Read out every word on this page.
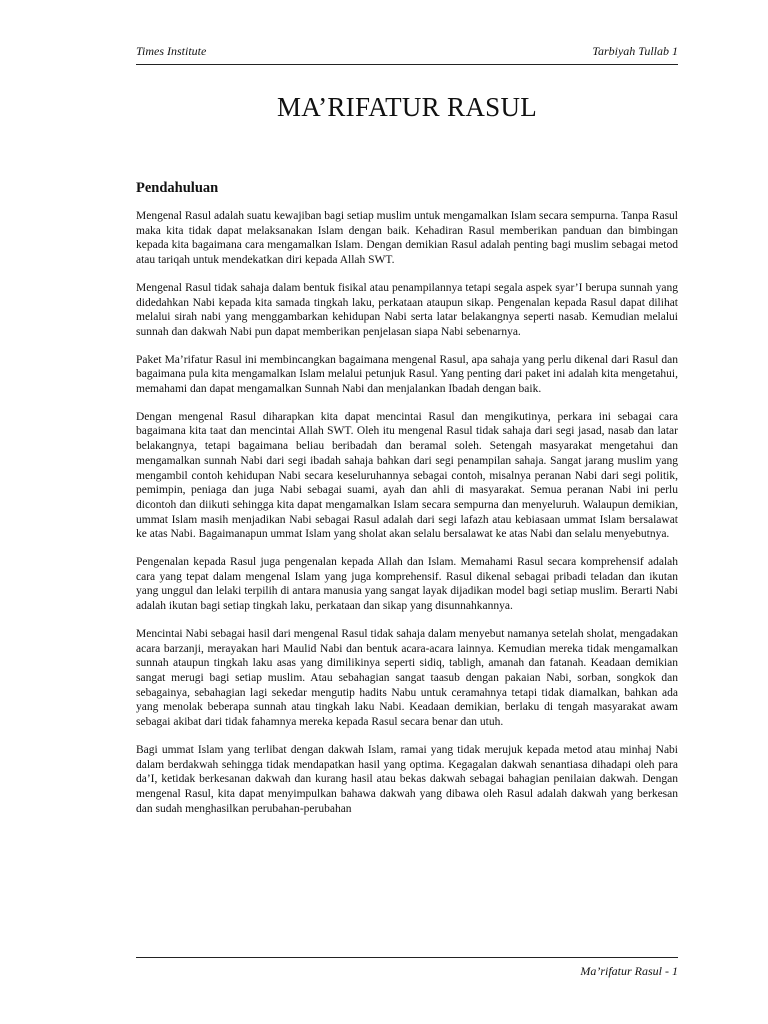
Times Institute	Tarbiyah Tullab 1
MA’RIFATUR RASUL
Pendahuluan

Mengenal Rasul adalah suatu kewajiban bagi setiap muslim untuk mengamalkan Islam secara sempurna. Tanpa Rasul maka kita tidak dapat melaksanakan Islam dengan baik. Kehadiran Rasul memberikan panduan dan bimbingan kepada kita bagaimana cara mengamalkan Islam. Dengan demikian Rasul adalah penting bagi muslim sebagai metod atau tariqah untuk mendekatkan diri kepada Allah SWT.

Mengenal Rasul tidak sahaja dalam bentuk fisikal atau penampilannya tetapi segala aspek syar’I berupa sunnah yang didedahkan Nabi kepada kita samada tingkah laku, perkataan ataupun sikap. Pengenalan kepada Rasul dapat dilihat melalui sirah nabi yang menggambarkan kehidupan Nabi serta latar belakangnya seperti nasab. Kemudian melalui sunnah dan dakwah Nabi pun dapat memberikan penjelasan siapa Nabi sebenarnya.

Paket Ma’rifatur Rasul ini membincangkan bagaimana mengenal Rasul, apa sahaja yang perlu dikenal dari Rasul dan bagaimana pula kita mengamalkan Islam melalui petunjuk Rasul. Yang penting dari paket ini adalah kita mengetahui, memahami dan dapat mengamalkan Sunnah Nabi dan menjalankan Ibadah dengan baik.

Dengan mengenal Rasul diharapkan kita dapat mencintai Rasul dan mengikutinya, perkara ini sebagai cara bagaimana kita taat dan mencintai Allah SWT. Oleh itu mengenal Rasul tidak sahaja dari segi jasad, nasab dan latar belakangnya, tetapi bagaimana beliau beribadah dan beramal soleh. Setengah masyarakat mengetahui dan mengamalkan sunnah Nabi dari segi ibadah sahaja bahkan dari segi penampilan sahaja. Sangat jarang muslim yang mengambil contoh kehidupan Nabi secara keseluruhannya sebagai contoh, misalnya peranan Nabi dari segi politik, pemimpin, peniaga dan juga Nabi sebagai suami, ayah dan ahli di masyarakat. Semua peranan Nabi ini perlu dicontoh dan diikuti sehingga kita dapat mengamalkan Islam secara sempurna dan menyeluruh. Walaupun demikian, ummat Islam masih menjadikan Nabi sebagai Rasul adalah dari segi lafazh atau kebiasaan ummat Islam bersalawat ke atas Nabi. Bagaimanapun ummat Islam yang sholat akan selalu bersalawat ke atas Nabi dan selalu menyebutnya.

Pengenalan kepada Rasul juga pengenalan kepada Allah dan Islam. Memahami Rasul secara komprehensif adalah cara yang tepat dalam mengenal Islam yang juga komprehensif. Rasul dikenal sebagai pribadi teladan dan ikutan yang unggul dan lelaki terpilih di antara manusia yang sangat layak dijadikan model bagi setiap muslim. Berarti Nabi adalah ikutan bagi setiap tingkah laku, perkataan dan sikap yang disunnahkannya.

Mencintai Nabi sebagai hasil dari mengenal Rasul tidak sahaja dalam menyebut namanya setelah sholat, mengadakan acara barzanji, merayakan hari Maulid Nabi dan bentuk acara-acara lainnya. Kemudian mereka tidak mengamalkan sunnah ataupun tingkah laku asas yang dimilikinya seperti sidiq, tabligh, amanah dan fatanah. Keadaan demikian sangat merugi bagi setiap muslim. Atau sebahagian sangat taasub dengan pakaian Nabi, sorban, songkok dan sebagainya, sebahagian lagi sekedar mengutip hadits Nabu untuk ceramahnya tetapi tidak diamalkan, bahkan ada yang menolak beberapa sunnah atau tingkah laku Nabi. Keadaan demikian, berlaku di tengah masyarakat awam sebagai akibat dari tidak fahamnya mereka kepada Rasul secara benar dan utuh.

Bagi ummat Islam yang terlibat dengan dakwah Islam, ramai yang tidak merujuk kepada metod atau minhaj Nabi dalam berdakwah sehingga tidak mendapatkan hasil yang optima. Kegagalan dakwah senantiasa dihadapi oleh para da’I, ketidak berkesanan dakwah dan kurang hasil atau bekas dakwah sebagai bahagian penilaian dakwah. Dengan mengenal Rasul, kita dapat menyimpulkan bahawa dakwah yang dibawa oleh Rasul adalah dakwah yang berkesan dan sudah menghasilkan perubahan-perubahan

Ma’rifatur Rasul - 1
